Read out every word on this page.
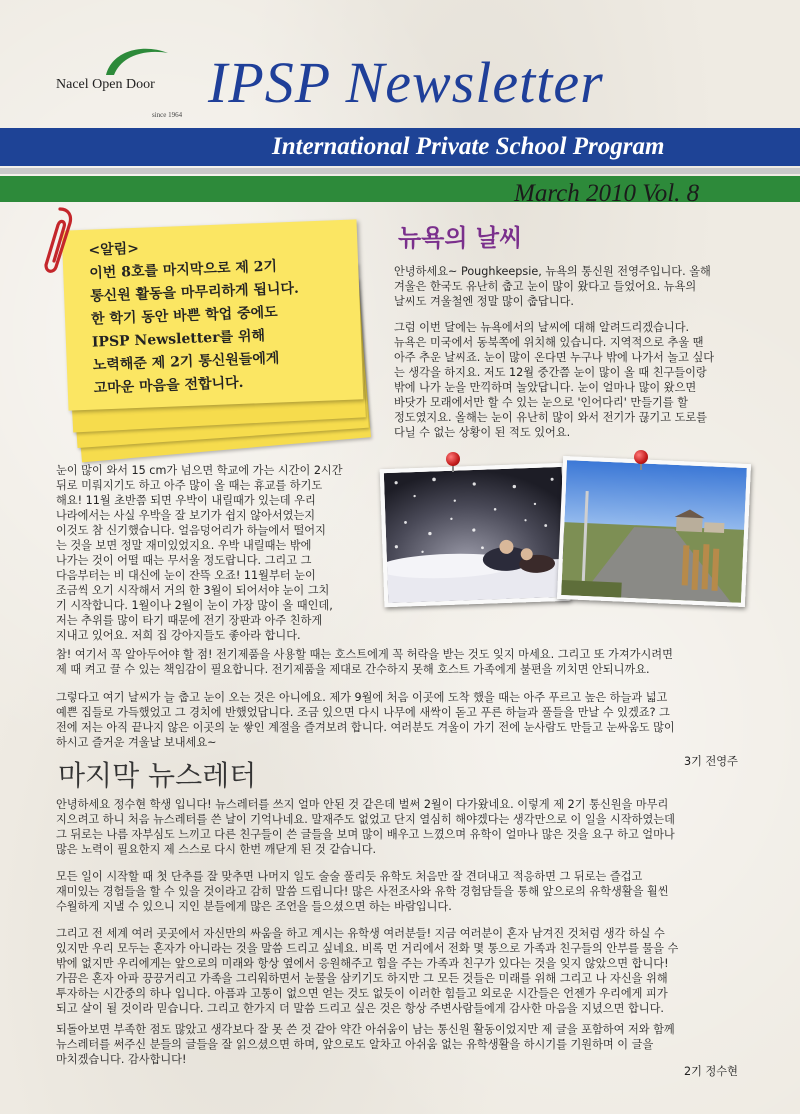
Nacel Open Door
since 1964 IPSP Newsletter
International Private School Program
March 2010 Vol. 8
<알림>
이번 8호를 마지막으로 제 2기
통신원 활동을 마무리하게 됩니다.
한 학기 동안 바쁜 학업 중에도
IPSP Newsletter를 위해
노력해준 제 2기 통신원들에게
고마운 마음을 전합니다.
뉴욕의 날씨
안녕하세요~ Poughkeepsie, 뉴욕의 통신원 전영주입니다. 올해
겨울은 한국도 유난히 춥고 눈이 많이 왔다고 들었어요. 뉴욕의
날씨도 겨울철엔 정말 많이 춥답니다.
그럼 이번 달에는 뉴욕에서의 날씨에 대해 알려드리겠습니다.
뉴욕은 미국에서 동북쪽에 위치해 있습니다. 지역적으로 추울 땐
아주 추운 날씨죠. 눈이 많이 온다면 누구나 밖에 나가서 놀고 싶다
는 생각을 하지요. 저도 12월 중간쯤 눈이 많이 올 때 친구들이랑
밖에 나가 눈을 만끽하며 놀았답니다. 눈이 얼마나 많이 왔으면
바닷가 모래에서만 할 수 있는 눈으로 '인어다리' 만들기를 할
정도였지요. 올해는 눈이 유난히 많이 와서 전기가 끊기고 도로를
다닐 수 없는 상황이 된 적도 있어요.
눈이 많이 와서 15 cm가 넘으면 학교에 가는 시간이 2시간
뒤로 미뤄지기도 하고 아주 많이 올 때는 휴교를 하기도
해요! 11월 초반쯤 되면 우박이 내릴때가 있는데 우리
나라에서는 사실 우박을 잘 보기가 쉽지 않아서였는지
이것도 참 신기했습니다. 얼음덩어리가 하늘에서 떨어지
는 것을 보면 정말 재미있었지요. 우박 내릴때는 밖에
나가는 것이 어떨 때는 무서울 정도랍니다. 그리고 그
다음부터는 비 대신에 눈이 잔뜩 오죠! 11월부터 눈이
조금씩 오기 시작해서 거의 한 3월이 되어서야 눈이 그치
기 시작합니다. 1월이나 2월이 눈이 가장 많이 올 때인데,
저는 추위를 많이 타기 때문에 전기 장판과 아주 친하게
지내고 있어요. 저희 집 강아지들도 좋아라 합니다.
참! 여기서 꼭 알아두어야 할 점! 전기제품을 사용할 때는 호스트에게 꼭 허락을 받는 것도 잊지 마세요. 그리고 또 가져가시려면
제 때 켜고 끌 수 있는 책임감이 필요합니다. 전기제품을 제대로 간수하지 못해 호스트 가족에게 불편을 끼치면 안되니까요.
그렇다고 여기 날씨가 늘 춥고 눈이 오는 것은 아니에요. 제가 9월에 처음 이곳에 도착 했을 때는 아주 푸르고 높은 하늘과 넓고
예쁜 집들로 가득했었고 그 경치에 반했었답니다. 조금 있으면 다시 나무에 새싹이 돋고 푸른 하늘과 풀들을 만날 수 있겠죠? 그
전에 저는 아직 끝나지 않은 이곳의 눈 쌓인 계절을 즐겨보려 합니다. 여러분도 겨울이 가기 전에 눈사람도 만들고 눈싸움도 많이
하시고 즐거운 겨울날 보내세요~
3기 전영주
마지막 뉴스레터
안녕하세요 정수현 학생 입니다! 뉴스레터를 쓰지 얼마 안된 것 같은데 벌써 2월이 다가왔네요. 이렇게 제 2기 통신원을 마무리
지으려고 하니 처음 뉴스레터를 쓴 날이 기억나네요. 말재주도 없었고 단지 열심히 해야겠다는 생각만으로 이 일을 시작하였는데
그 뒤로는 나름 자부심도 느끼고 다른 친구들이 쓴 글들을 보며 많이 배우고 느꼈으며 유학이 얼마나 많은 것을 요구 하고 얼마나
많은 노력이 필요한지 제 스스로 다시 한번 깨닫게 된 것 같습니다.
모든 일이 시작할 때 첫 단추를 잘 맞추면 나머지 일도 술술 풀리듯 유학도 처음만 잘 견뎌내고 적응하면 그 뒤로는 즐겁고
재미있는 경험들을 할 수 있을 것이라고 감히 말씀 드립니다! 많은 사전조사와 유학 경험담들을 통해 앞으로의 유학생활을 훨씬
수월하게 지낼 수 있으니 지인 분들에게 많은 조언을 들으셨으면 하는 바람입니다.
그리고 전 세계 여러 곳곳에서 자신만의 싸움을 하고 계시는 유학생 여러분들! 지금 여러분이 혼자 남겨진 것처럼 생각 하실 수
있지만 우리 모두는 혼자가 아니라는 것을 말씀 드리고 싶네요. 비록 먼 거리에서 전화 몇 통으로 가족과 친구들의 안부를 물을 수
밖에 없지만 우리에게는 앞으로의 미래와 항상 옆에서 응원해주고 힘을 주는 가족과 친구가 있다는 것을 잊지 않았으면 합니다!
가끔은 혼자 아파 끙끙거리고 가족을 그리워하면서 눈물을 삼키기도 하지만 그 모든 것들은 미래를 위해 그리고 나 자신을 위해
투자하는 시간중의 하나 입니다. 아픔과 고통이 없으면 얻는 것도 없듯이 이러한 힘들고 외로운 시간들은 언젠가 우리에게 피가
되고 살이 될 것이라 믿습니다. 그리고 한가지 더 말씀 드리고 싶은 것은 항상 주변사람들에게 감사한 마음을 지녔으면 합니다.
되돌아보면 부족한 점도 많았고 생각보다 잘 못 쓴 것 같아 약간 아쉬움이 남는 통신원 활동이었지만 제 글을 포함하여 저와 함께
뉴스레터를 써주신 분들의 글들을 잘 읽으셨으면 하며, 앞으로도 알차고 아쉬움 없는 유학생활을 하시기를 기원하며 이 글을
마치겠습니다. 감사합니다!
2기 정수현
